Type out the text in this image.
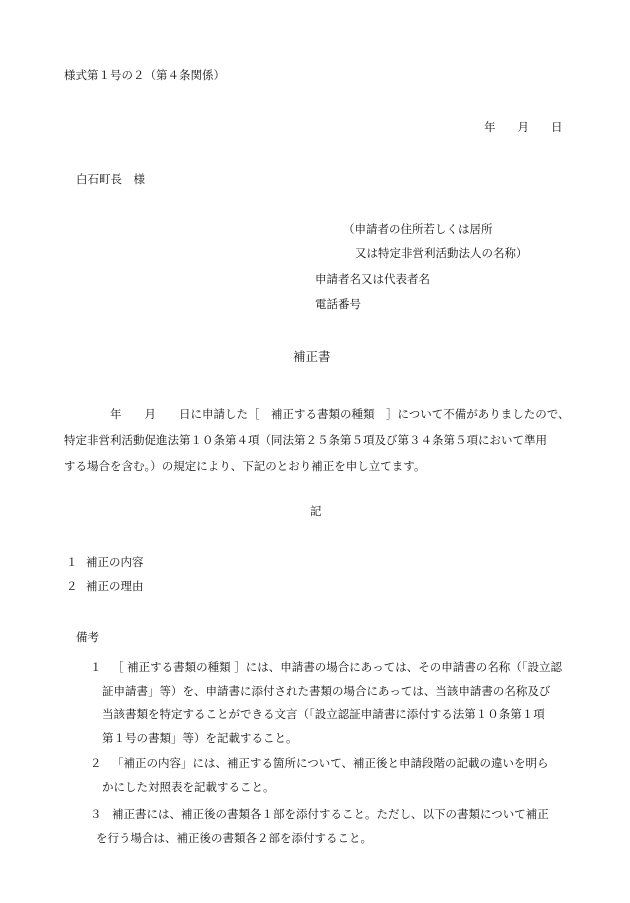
様式第１号の２（第４条関係）
年 月 日
白石町長　様
（申請者の住所若しくは居所
又は特定非営利活動法人の名称）
申請者名又は代表者名
電話番号
補正書

年　　月　　日に申請した［　補正する書類の種類　］について不備がありましたので、

特定非営利活動促進法第１０条第４項（同法第２５条第５項及び第３４条第５項において準用

する場合を含む。）の規定により、下記のとおり補正を申し立てます。

記
１ 補正の内容
２ 補正の理由
備考

１ ［ 補正する書類の種類 ］には、申請書の場合にあっては、その申請書の名称（「設立認

証申請書」等）を、申請書に添付された書類の場合にあっては、当該申請書の名称及び

当該書類を特定することができる文言（「設立認証申請書に添付する法第１０条第１項

第１号の書類」等）を記載すること。

２ 「補正の内容」には、補正する箇所について、補正後と申請段階の記載の違いを明ら

かにした対照表を記載すること。

３ 補正書には、補正後の書類各１部を添付すること。ただし、以下の書類について補正

を行う場合は、補正後の書類各２部を添付すること。
